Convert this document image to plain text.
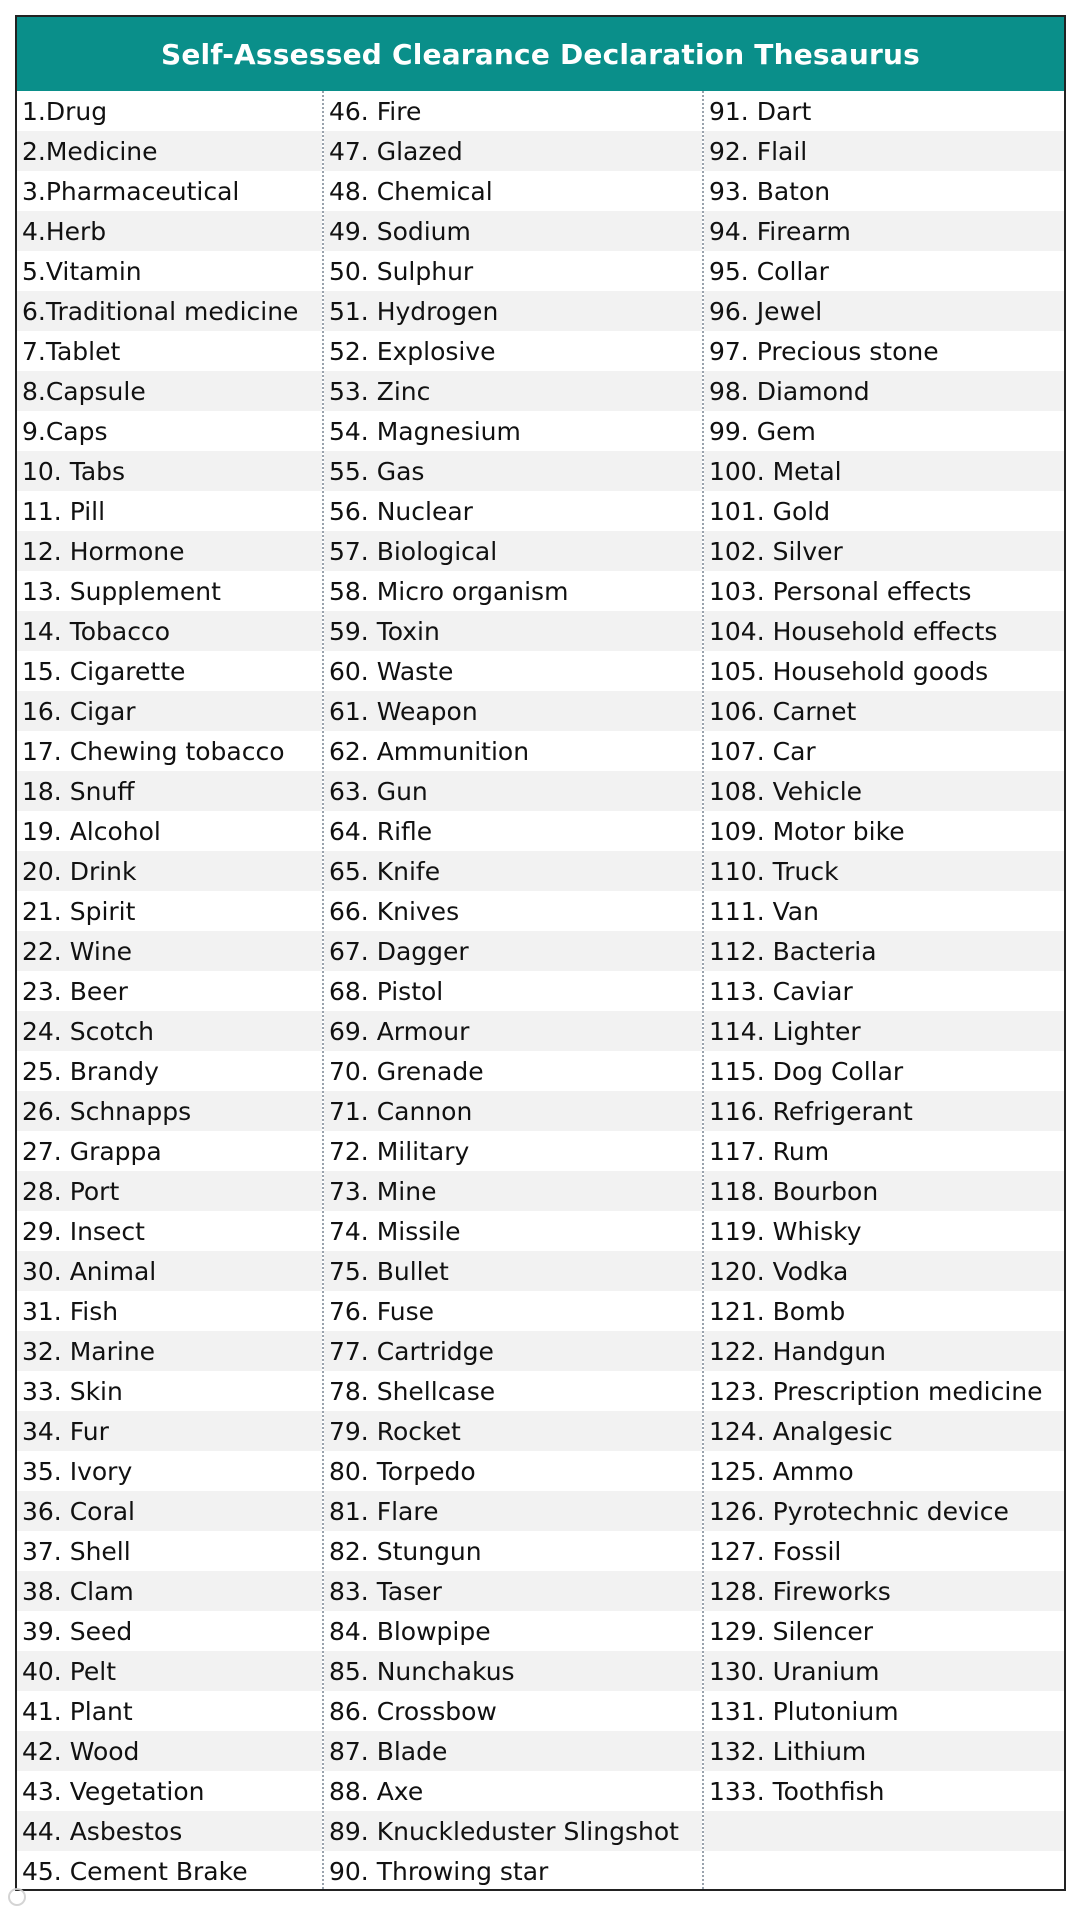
Self-Assessed Clearance Declaration Thesaurus
1.Drug
2.Medicine
3.Pharmaceutical
4.Herb
5.Vitamin
6.Traditional medicine
7.Tablet
8.Capsule
9.Caps
10. Tabs
11. Pill
12. Hormone
13. Supplement
14. Tobacco
15. Cigarette
16. Cigar
17. Chewing tobacco
18. Snuff
19. Alcohol
20. Drink
21. Spirit
22. Wine
23. Beer
24. Scotch
25. Brandy
26. Schnapps
27. Grappa
28. Port
29. Insect
30. Animal
31. Fish
32. Marine
33. Skin
34. Fur
35. Ivory
36. Coral
37. Shell
38. Clam
39. Seed
40. Pelt
41. Plant
42. Wood
43. Vegetation
44. Asbestos
45. Cement Brake
46. Fire
47. Glazed
48. Chemical
49. Sodium
50. Sulphur
51. Hydrogen
52. Explosive
53. Zinc
54. Magnesium
55. Gas
56. Nuclear
57. Biological
58. Micro organism
59. Toxin
60. Waste
61. Weapon
62. Ammunition
63. Gun
64. Rifle
65. Knife
66. Knives
67. Dagger
68. Pistol
69. Armour
70. Grenade
71. Cannon
72. Military
73. Mine
74. Missile
75. Bullet
76. Fuse
77. Cartridge
78. Shellcase
79. Rocket
80. Torpedo
81. Flare
82. Stungun
83. Taser
84. Blowpipe
85. Nunchakus
86. Crossbow
87. Blade
88. Axe
89. Knuckleduster Slingshot
90. Throwing star
91. Dart
92. Flail
93. Baton
94. Firearm
95. Collar
96. Jewel
97. Precious stone
98. Diamond
99. Gem
100. Metal
101. Gold
102. Silver
103. Personal effects
104. Household effects
105. Household goods
106. Carnet
107. Car
108. Vehicle
109. Motor bike
110. Truck
111. Van
112. Bacteria
113. Caviar
114. Lighter
115. Dog Collar
116. Refrigerant
117. Rum
118. Bourbon
119. Whisky
120. Vodka
121. Bomb
122. Handgun
123. Prescription medicine
124. Analgesic
125. Ammo
126. Pyrotechnic device
127. Fossil
128. Fireworks
129. Silencer
130. Uranium
131. Plutonium
132. Lithium
133. Toothfish
